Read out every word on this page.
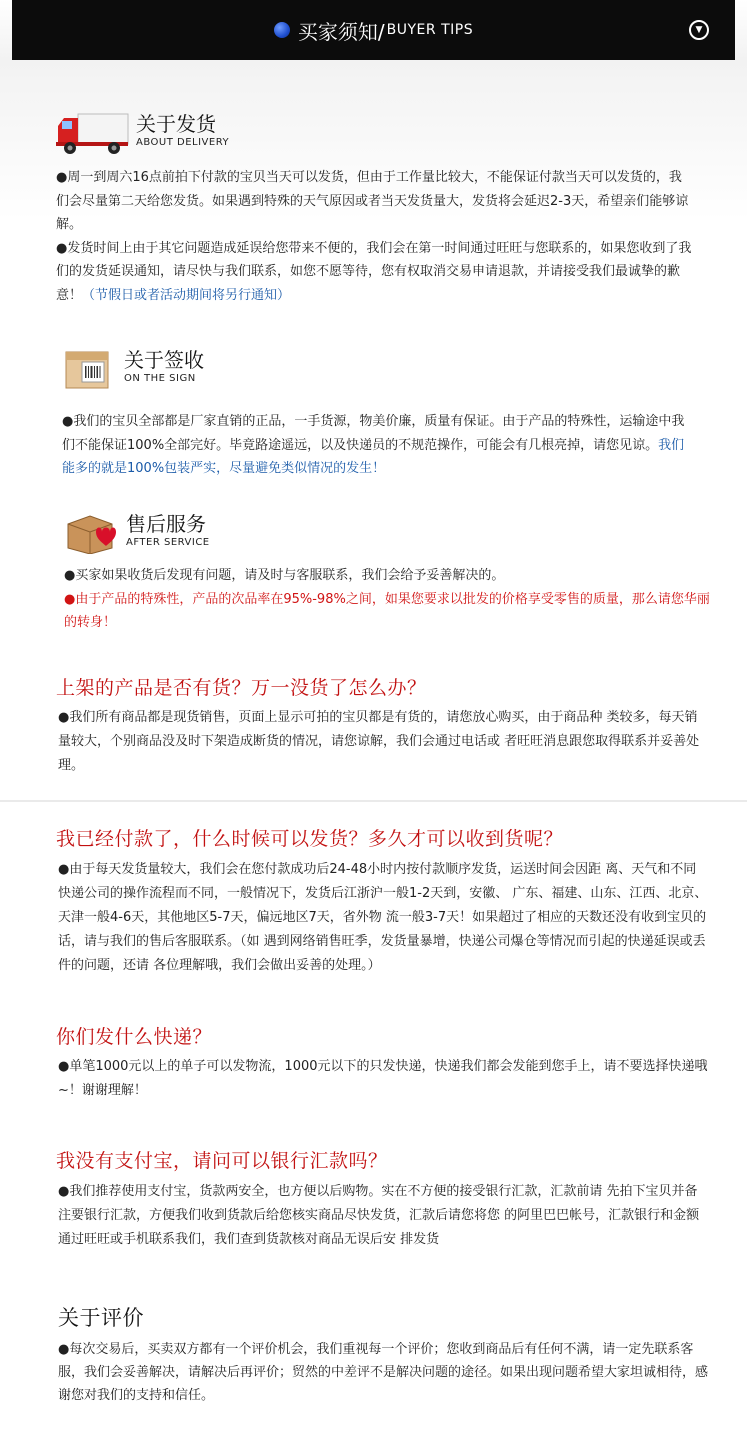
买家须知/ BUYER TIPS	▼
关于发货
ABOUT DELIVERY

●周一到周六16点前拍下付款的宝贝当天可以发货，但由于工作量比较大，不能保证付款当天可以发货的，我们会尽量第二天给您发货。如果遇到特殊的天气原因或者当天发货量大，发货将会延迟2-3天，希望亲们能够谅解。

●发货时间上由于其它问题造成延误给您带来不便的，我们会在第一时间通过旺旺与您联系的，如果您收到了我们的发货延误通知，请尽快与我们联系，如您不愿等待，您有权取消交易申请退款，并请接受我们最诚挚的歉意！（节假日或者活动期间将另行通知）

关于签收
ON THE SIGN

●我们的宝贝全部都是厂家直销的正品，一手货源，物美价廉，质量有保证。由于产品的特殊性，运输途中我们不能保证100%全部完好。毕竟路途遥远，以及快递员的不规范操作，可能会有几根亮掉，请您见谅。我们能多的就是100%包装严实，尽量避免类似情况的发生！

售后服务
AFTER SERVICE

●买家如果收货后发现有问题，请及时与客服联系，我们会给予妥善解决的。

●由于产品的特殊性，产品的次品率在95%-98%之间，如果您要求以批发的价格享受零售的质量，那么请您华丽的转身！

上架的产品是否有货？万一没货了怎么办？
●我们所有商品都是现货销售，页面上显示可拍的宝贝都是有货的，请您放心购买，由于商品种 类较多，每天销量较大，个别商品没及时下架造成断货的情况，请您谅解，我们会通过电话或 者旺旺消息跟您取得联系并妥善处理。
我已经付款了，什么时候可以发货？多久才可以收到货呢？
●由于每天发货量较大，我们会在您付款成功后24-48小时内按付款顺序发货，运送时间会因距 离、天气和不同快递公司的操作流程而不同，一般情况下，发货后江浙沪一般1-2天到，安徽、 广东、福建、山东、江西、北京、天津一般4-6天，其他地区5-7天，偏远地区7天，省外物 流一般3-7天！如果超过了相应的天数还没有收到宝贝的话，请与我们的售后客服联系。（如 遇到网络销售旺季，发货量暴增，快递公司爆仓等情况而引起的快递延误或丢件的问题，还请 各位理解哦，我们会做出妥善的处理。）
你们发什么快递？
●单笔1000元以上的单子可以发物流，1000元以下的只发快递，快递我们都会发能到您手上，请不要选择快递哦~！谢谢理解！
我没有支付宝，请问可以银行汇款吗？
●我们推荐使用支付宝，货款两安全，也方便以后购物。实在不方便的接受银行汇款，汇款前请 先拍下宝贝并备注要银行汇款，方便我们收到货款后给您核实商品尽快发货，汇款后请您将您 的阿里巴巴帐号，汇款银行和金额通过旺旺或手机联系我们，我们查到货款核对商品无误后安 排发货
关于评价
●每次交易后，买卖双方都有一个评价机会，我们重视每一个评价；您收到商品后有任何不满，请一定先联系客服，我们会妥善解决，请解决后再评价；贸然的中差评不是解决问题的途径。如果出现问题希望大家坦诚相待，感谢您对我们的支持和信任。
